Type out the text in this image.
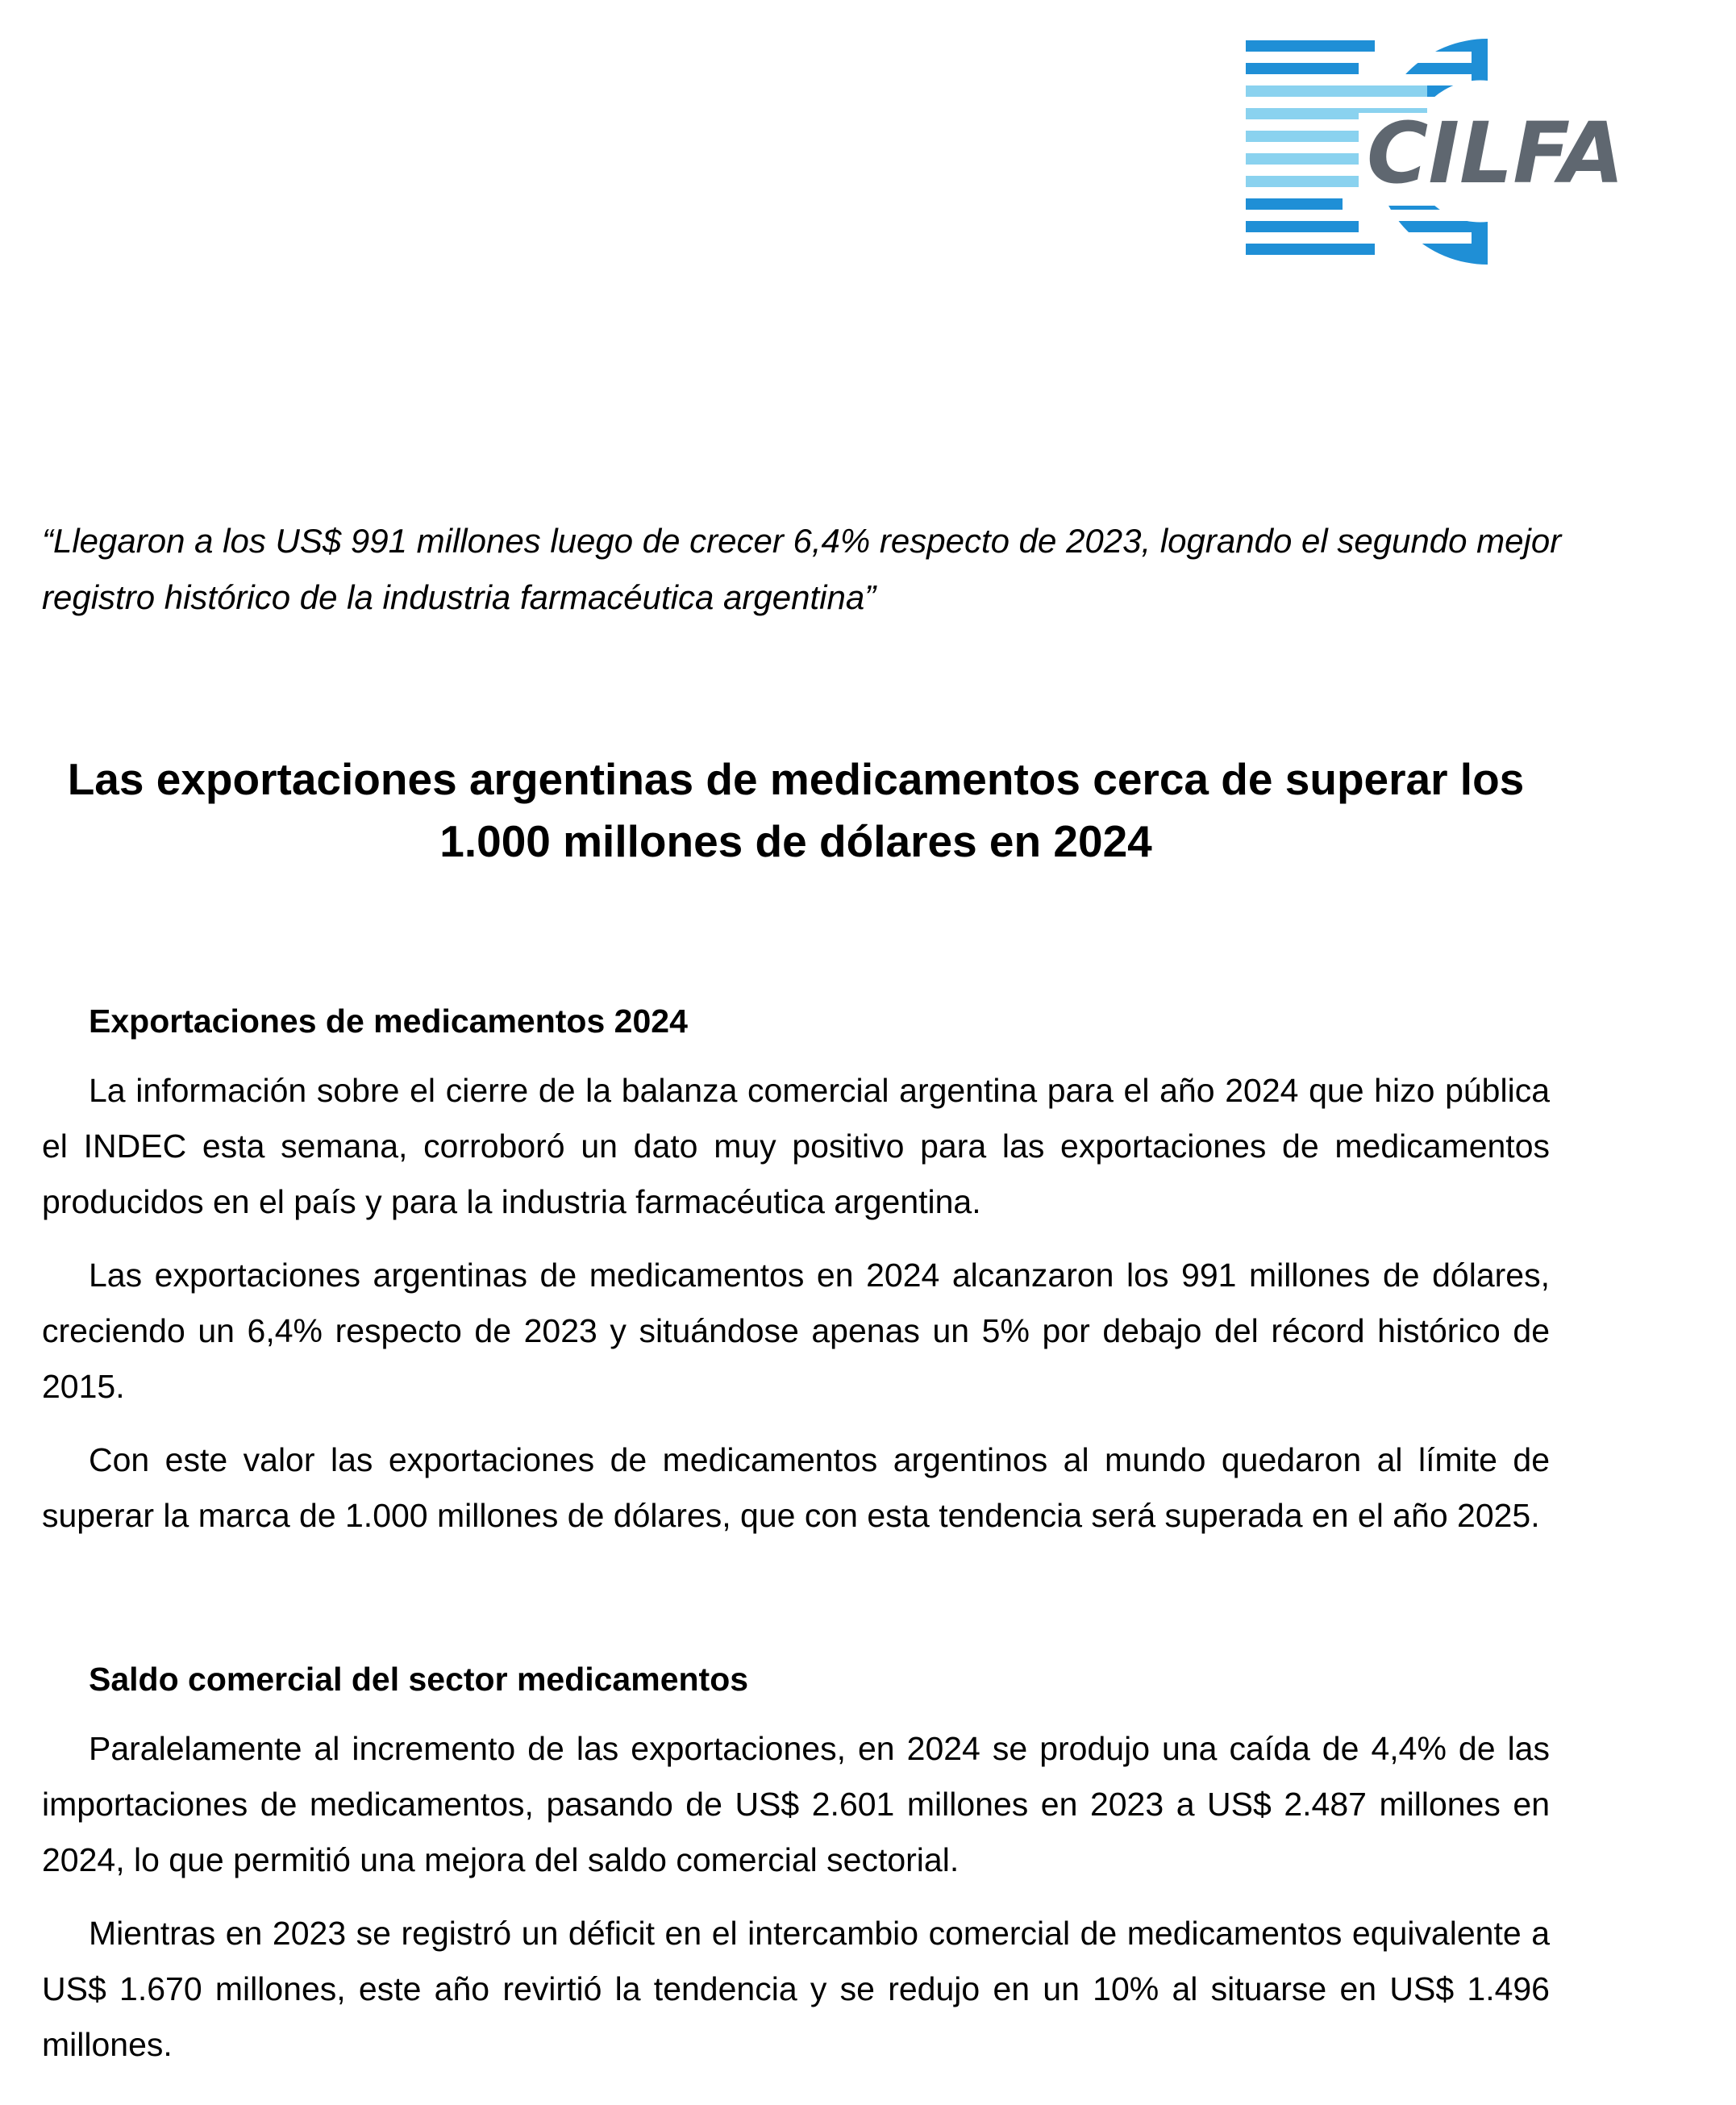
CILFA

“Llegaron a los US$ 991 millones luego de crecer 6,4% respecto de 2023, logrando el segundo mejor registro histórico de la industria farmacéutica argentina”

Las exportaciones argentinas de medicamentos cerca de superar los
1.000 millones de dólares en 2024
Exportaciones de medicamentos 2024

La información sobre el cierre de la balanza comercial argentina para el año 2024 que hizo pública el INDEC esta semana, corroboró un dato muy positivo para las exportaciones de medicamentos producidos en el país y para la industria farmacéutica argentina.

Las exportaciones argentinas de medicamentos en 2024 alcanzaron los 991 millones de dólares, creciendo un 6,4% respecto de 2023 y situándose apenas un 5% por debajo del récord histórico de 2015.

Con este valor las exportaciones de medicamentos argentinos al mundo quedaron al límite de superar la marca de 1.000 millones de dólares, que con esta tendencia será superada en el año 2025.

Saldo comercial del sector medicamentos

Paralelamente al incremento de las exportaciones, en 2024 se produjo una caída de 4,4% de las importaciones de medicamentos, pasando de US$ 2.601 millones en 2023 a US$ 2.487 millones en 2024, lo que permitió una mejora del saldo comercial sectorial.

Mientras en 2023 se registró un déficit en el intercambio comercial de medicamentos equivalente a US$ 1.670 millones, este año revirtió la tendencia y se redujo en un 10% al situarse en US$ 1.496 millones.
